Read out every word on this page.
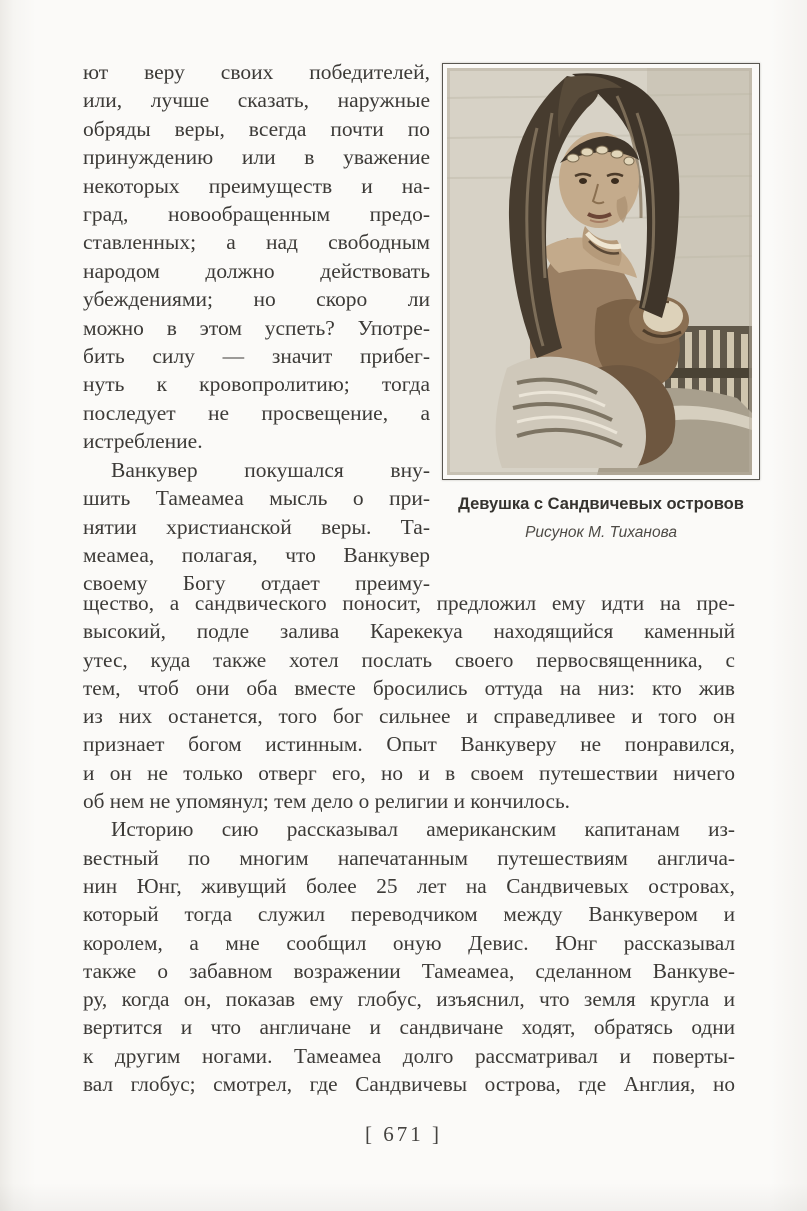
ют веру своих победителей,
или, лучше сказать, наружные
обряды веры, всегда почти по
принуждению или в уважение
некоторых преимуществ и на-
град, новообращенным предо-
ставленных; а над свободным
народом должно действовать
убеждениями; но скоро ли
можно в этом успеть? Употре-
бить силу — значит прибег-
нуть к кровопролитию; тогда
последует не просвещение, а
истребление.
Ванкувер покушался вну-
шить Тамеамеа мысль о при-
нятии христианской веры. Та-
меамеа, полагая, что Ванкувер
своему Богу отдает преиму-
Девушка с Сандвичевых островов
Рисунок М. Тиханова
щество, а сандвического поносит, предложил ему идти на пре-
высокий, подле залива Карекекуа находящийся каменный
утес, куда также хотел послать своего первосвященника, с
тем, чтоб они оба вместе бросились оттуда на низ: кто жив
из них останется, того бог сильнее и справедливее и того он
признает богом истинным. Опыт Ванкуверу не понравился,
и он не только отверг его, но и в своем путешествии ничего
об нем не упомянул; тем дело о религии и кончилось.
Историю сию рассказывал американским капитанам из-
вестный по многим напечатанным путешествиям англича-
нин Юнг, живущий более 25 лет на Сандвичевых островах,
который тогда служил переводчиком между Ванкувером и
королем, а мне сообщил оную Девис. Юнг рассказывал
также о забавном возражении Тамеамеа, сделанном Ванкуве-
ру, когда он, показав ему глобус, изъяснил, что земля кругла и
вертится и что англичане и сандвичане ходят, обратясь одни
к другим ногами. Тамеамеа долго рассматривал и поверты-
вал глобус; смотрел, где Сандвичевы острова, где Англия, но
[ 671 ]
